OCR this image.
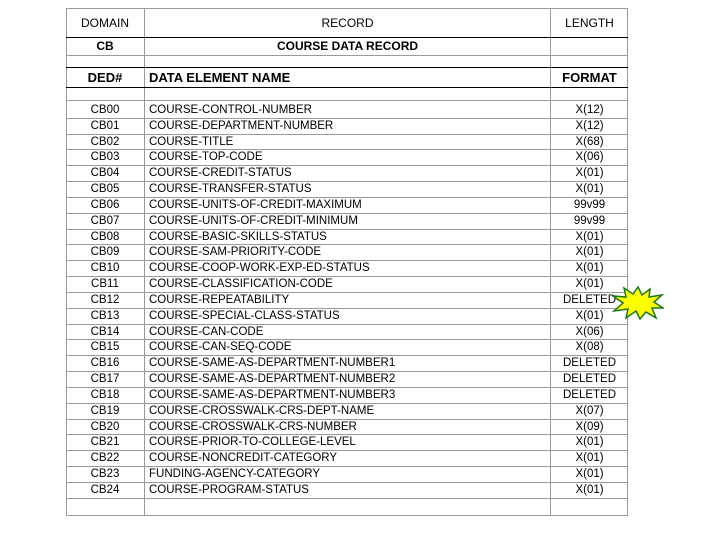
DOMAIN	RECORD	LENGTH
CB	COURSE DATA RECORD
DED#	DATA ELEMENT NAME	FORMAT
CB00	COURSE-CONTROL-NUMBER	X(12)
CB01	COURSE-DEPARTMENT-NUMBER	X(12)
CB02	COURSE-TITLE	X(68)
CB03	COURSE-TOP-CODE	X(06)
CB04	COURSE-CREDIT-STATUS	X(01)
CB05	COURSE-TRANSFER-STATUS	X(01)
CB06	COURSE-UNITS-OF-CREDIT-MAXIMUM	99v99
CB07	COURSE-UNITS-OF-CREDIT-MINIMUM	99v99
CB08	COURSE-BASIC-SKILLS-STATUS	X(01)
CB09	COURSE-SAM-PRIORITY-CODE	X(01)
CB10	COURSE-COOP-WORK-EXP-ED-STATUS	X(01)
CB11	COURSE-CLASSIFICATION-CODE	X(01)
CB12	COURSE-REPEATABILITY	DELETED
CB13	COURSE-SPECIAL-CLASS-STATUS	X(01)
CB14	COURSE-CAN-CODE	X(06)
CB15	COURSE-CAN-SEQ-CODE	X(08)
CB16	COURSE-SAME-AS-DEPARTMENT-NUMBER1	DELETED
CB17	COURSE-SAME-AS-DEPARTMENT-NUMBER2	DELETED
CB18	COURSE-SAME-AS-DEPARTMENT-NUMBER3	DELETED
CB19	COURSE-CROSSWALK-CRS-DEPT-NAME	X(07)
CB20	COURSE-CROSSWALK-CRS-NUMBER	X(09)
CB21	COURSE-PRIOR-TO-COLLEGE-LEVEL	X(01)
CB22	COURSE-NONCREDIT-CATEGORY	X(01)
CB23	FUNDING-AGENCY-CATEGORY	X(01)
CB24	COURSE-PROGRAM-STATUS	X(01)
